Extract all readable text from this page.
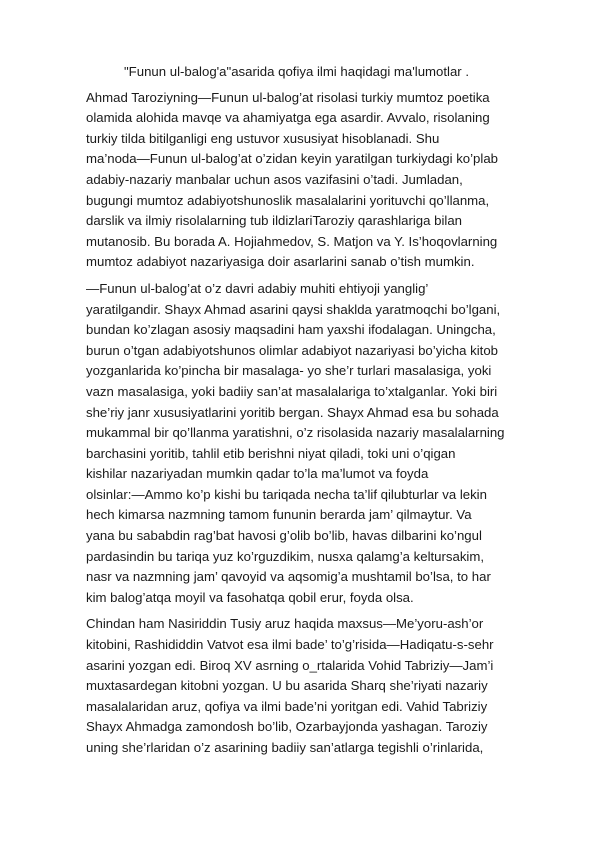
"Funun ul-balog'a"asarida qofiya ilmi haqidagi ma'lumotlar .

Ahmad Taroziyning—Funun ul-balog’at risolasi turkiy mumtoz poetika
olamida alohida mavqe va ahamiyatga ega asardir. Avvalo, risolaning
turkiy tilda bitilganligi eng ustuvor xususiyat hisoblanadi. Shu
ma’noda—Funun ul-balog’at o’zidan keyin yaratilgan turkiydagi ko’plab
adabiy-nazariy manbalar uchun asos vazifasini o’tadi. Jumladan,
bugungi mumtoz adabiyotshunoslik masalalarini yorituvchi qo’llanma,
darslik va ilmiy risolalarning tub ildizlariTaroziy qarashlariga bilan
mutanosib. Bu borada A. Hojiahmedov, S. Matjon va Y. Is’hoqovlarning
mumtoz adabiyot nazariyasiga doir asarlarini sanab o’tish mumkin.

—Funun ul-balog’at o’z davri adabiy muhiti ehtiyoji yanglig’
yaratilgandir. Shayx Ahmad asarini qaysi shaklda yaratmoqchi bo’lgani,
bundan ko’zlagan asosiy maqsadini ham yaxshi ifodalagan. Uningcha,
burun o’tgan adabiyotshunos olimlar adabiyot nazariyasi bo’yicha kitob
yozganlarida ko’pincha bir masalaga- yo she’r turlari masalasiga, yoki
vazn masalasiga, yoki badiiy san’at masalalariga to’xtalganlar. Yoki biri
she’riy janr xususiyatlarini yoritib bergan. Shayx Ahmad esa bu sohada
mukammal bir qo’llanma yaratishni, o’z risolasida nazariy masalalarning
barchasini yoritib, tahlil etib berishni niyat qiladi, toki uni o’qigan
kishilar nazariyadan mumkin qadar to’la ma’lumot va foyda
olsinlar:—Ammo ko’p kishi bu tariqada necha ta’lif qilubturlar va lekin
hech kimarsa nazmning tamom fununin berarda jam’ qilmaytur. Va
yana bu sababdin rag’bat havosi g’olib bo’lib, havas dilbarini ko’ngul
pardasindin bu tariqa yuz ko’rguzdikim, nusxa qalamg’a keltursakim,
nasr va nazmning jam’ qavoyid va aqsomig’a mushtamil bo’lsa, to har
kim balog’atqa moyil va fasohatqa qobil erur, foyda olsa.

Chindan ham Nasiriddin Tusiy aruz haqida maxsus—Me’yoru-ash’or
kitobini, Rashididdin Vatvot esa ilmi bade’ to’g’risida—Hadiqatu-s-sehr
asarini yozgan edi. Biroq XV asrning o_rtalarida Vohid Tabriziy—Jam’i
muxtasardegan kitobni yozgan. U bu asarida Sharq she’riyati nazariy
masalalaridan aruz, qofiya va ilmi bade’ni yoritgan edi. Vahid Tabriziy
Shayx Ahmadga zamondosh bo’lib, Ozarbayjonda yashagan. Taroziy
uning she’rlaridan o’z asarining badiiy san’atlarga tegishli o’rinlarida,
